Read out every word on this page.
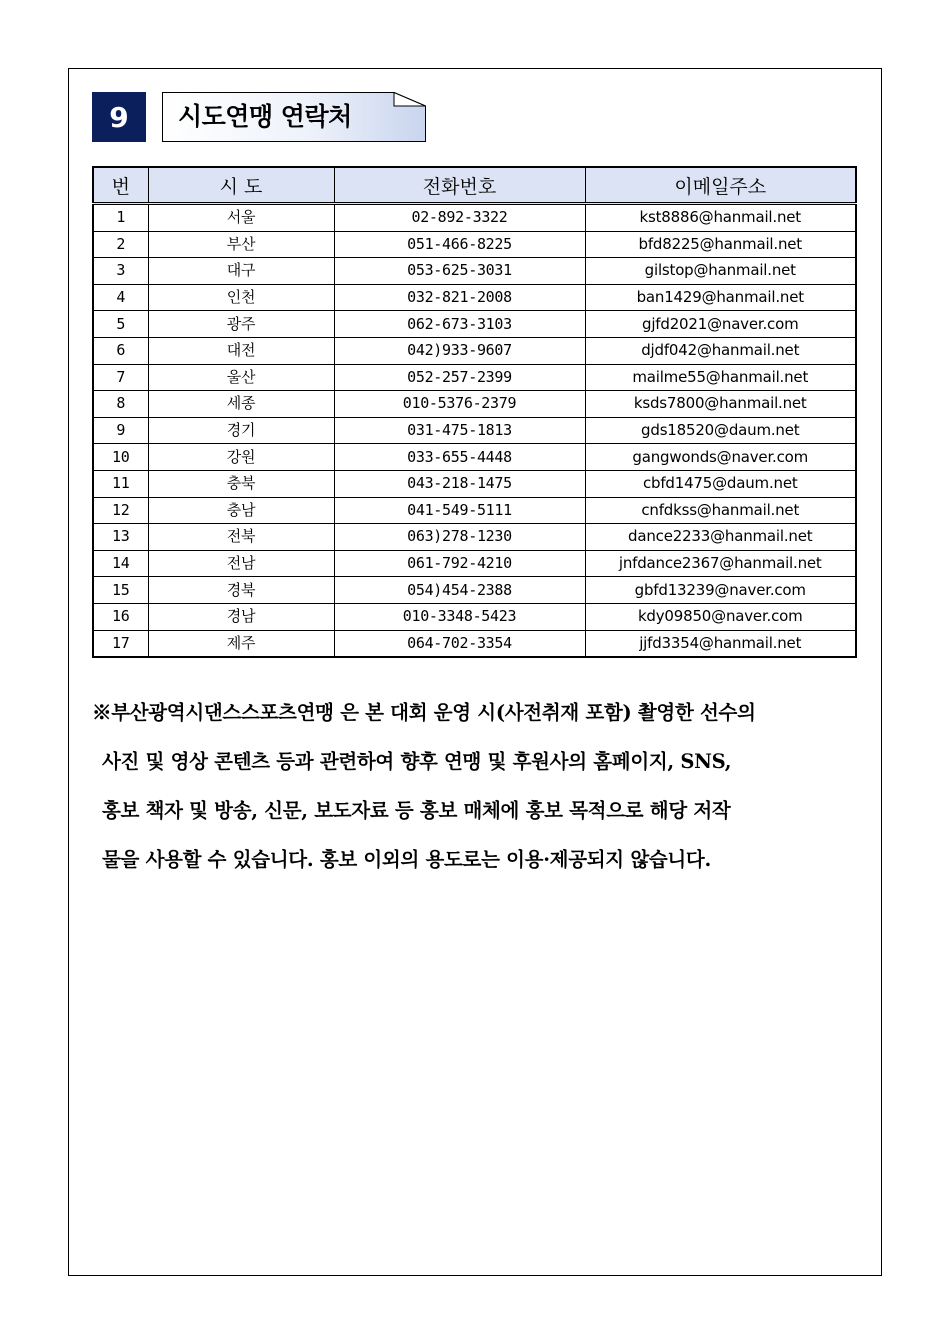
9 시도연맹 연락처
번	시 도	전화번호	이메일주소
1	서울	02-892-3322	kst8886@hanmail.net
2	부산	051-466-8225	bfd8225@hanmail.net
3	대구	053-625-3031	gilstop@hanmail.net
4	인천	032-821-2008	ban1429@hanmail.net
5	광주	062-673-3103	gjfd2021@naver.com
6	대전	042)933-9607	djdf042@hanmail.net
7	울산	052-257-2399	mailme55@hanmail.net
8	세종	010-5376-2379	ksds7800@hanmail.net
9	경기	031-475-1813	gds18520@daum.net
10	강원	033-655-4448	gangwonds@naver.com
11	충북	043-218-1475	cbfd1475@daum.net
12	충남	041-549-5111	cnfdkss@hanmail.net
13	전북	063)278-1230	dance2233@hanmail.net
14	전남	061-792-4210	jnfdance2367@hanmail.net
15	경북	054)454-2388	gbfd13239@naver.com
16	경남	010-3348-5423	kdy09850@naver.com
17	제주	064-702-3354	jjfd3354@hanmail.net

※부산광역시댄스스포츠연맹 은 본 대회 운영 시(사전취재 포함) 촬영한 선수의

사진 및 영상 콘텐츠 등과 관련하여 향후 연맹 및 후원사의 홈페이지, SNS,

홍보 책자 및 방송, 신문, 보도자료 등 홍보 매체에 홍보 목적으로 해당 저작

물을 사용할 수 있습니다. 홍보 이외의 용도로는 이용·제공되지 않습니다.
